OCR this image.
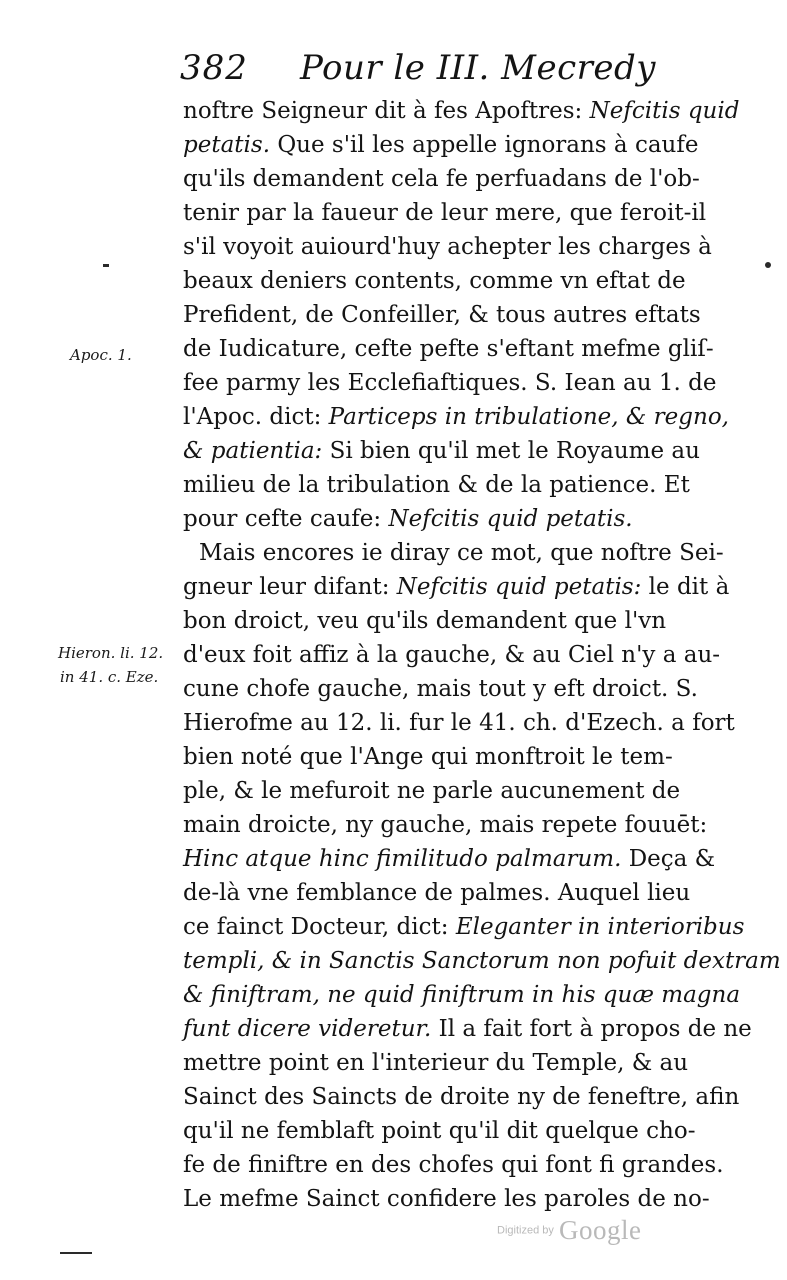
382 Pour le III. Mecredy
noftre Seigneur dit à fes Apoftres: Nefcitis quid
petatis. Que s'il les appelle ignorans à caufe
qu'ils demandent cela fe perfuadans de l'ob-
tenir par la faueur de leur mere, que feroit-il
s'il voyoit auiourd'huy achepter les charges à
beaux deniers contents, comme vn eftat de
Prefident, de Confeiller, & tous autres eftats
de Iudicature, cefte pefte s'eftant mefme gliſ-
fee parmy les Ecclefiaftiques. S. Iean au 1. de
l'Apoc. dict: Particeps in tribulatione, & regno,
& patientia: Si bien qu'il met le Royaume au
milieu de la tribulation & de la patience. Et
pour cefte caufe: Nefcitis quid petatis.
Mais encores ie diray ce mot, que noftre Sei-
gneur leur difant: Nefcitis quid petatis: le dit à
bon droict, veu qu'ils demandent que l'vn
d'eux foit affiz à la gauche, & au Ciel n'y a au-
cune chofe gauche, mais tout y eft droict. S.
Hierofme au 12. li. fur le 41. ch. d'Ezech. a fort
bien noté que l'Ange qui monftroit le tem-
ple, & le mefuroit ne parle aucunement de
main droicte, ny gauche, mais repete fouuēt:
Hinc atque hinc fimilitudo palmarum. Deça &
de-là vne femblance de palmes. Auquel lieu
ce fainct Docteur, dict: Eleganter in interioribus
templi, & in Sanctis Sanctorum non pofuit dextram
& finiftram, ne quid finiftrum in his quæ magna
funt dicere videretur. Il a fait fort à propos de ne
mettre point en l'interieur du Temple, & au
Sainct des Saincts de droite ny de feneftre, afin
qu'il ne femblaft point qu'il dit quelque cho-
fe de finiftre en des chofes qui font fi grandes.
Le mefme Sainct confidere les paroles de no-
Apoc. 1.
Hieron. li. 12.
in 41. c. Eze.
Digitized by Google
